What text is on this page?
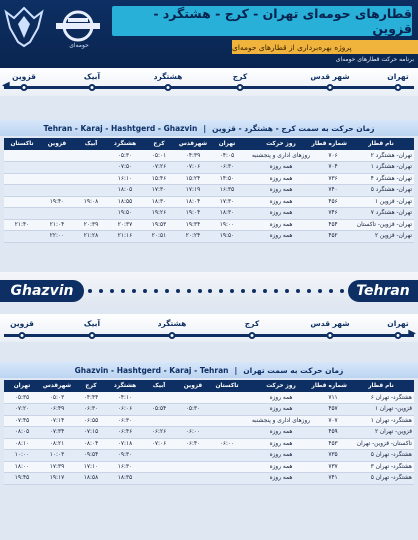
حومه‌ای
قطارهای حومه‌ای تهران - کرج - هشتگرد - قزوین
پروژه بهره‌برداری از قطارهای حومه‌ای
برنامه حرکت قطارهای حومه‌ای
◀
تهران
شهر قدس
کرج
هشتگرد
آبیک
قزوین
Tehran - Karaj - Hashtgerd - Ghazvin | زمان حرکت به سمت کرج - هشتگرد - قزوین
نام قطار	شماره قطار	روز حرکت	تهران	شهرقدس	کرج	هشتگرد	آبیک	قزوین	تاکستان
تهران- هشتگرد ۲	۷۰۶	روزهای اداری و پنجشنبه	۰۴:۰۵	۰۴:۳۹	۰۵:۰۱	۰۵:۳۰			
تهران- هشتگرد ۱	۷۰۴	همه روزه	۰۶:۳۰	۰۷:۰۶	۰۷:۲۶	۰۷:۵۰			
تهران- هشتگرد ۴	۷۳۶	همه روزه	۱۴:۵۰	۱۵:۲۴	۱۵:۴۶	۱۶:۱۰			
تهران- هشتگرد ۵	۷۴۰	همه روزه	۱۶:۳۵	۱۷:۱۹	۱۷:۳۰	۱۸:۰۵			
تهران- قزوین ۱	۴۵۶	همه روزه	۱۷:۳۰	۱۸:۰۴	۱۸:۳۰	۱۸:۵۵	۱۹:۰۸	۱۹:۴۰	
تهران- هشتگرد ۷	۷۴۶	همه روزه	۱۸:۳۰	۱۹:۰۴	۱۹:۲۶	۱۹:۵۰			
تهران- قزوین- تاکستان	۴۵۴	همه روزه	۱۹:۰۰	۱۹:۳۴	۱۹:۵۳	۲۰:۳۷	۲۰:۳۹	۲۱:۰۴	۲۱:۴۰
تهران- قزوین ۲	۴۵۲	همه روزه	۱۹:۵۰	۲۰:۲۴	۲۰:۵۱	۲۱:۱۶	۲۱:۲۸	۲۲:۰۰	
Ghazvin	Tehran
▶
تهران
شهر قدس
کرج
هشتگرد
آبیک
قزوین
Ghazvin - Hashtgerd - Karaj - Tehran | زمان حرکت به سمت تهران
نام قطار	شماره قطار	روز حرکت	تاکستان	قزوین	آبیک	هشتگرد	کرج	شهرقدس	تهران
هشتگرد- تهران ۶	۷۱۱	همه روزه				۰۴:۱۰	۰۴:۴۴	۰۵:۰۳	۰۵:۳۵
قزوین- تهران ۱	۴۵۷	همه روزه		۰۵:۳۰	۰۵:۵۴	۰۶:۰۶	۰۶:۳۰	۰۶:۴۹	۰۷:۲۰
هشتگرد- تهران ۱	۷۰۷	روزهای اداری و پنجشنبه				۰۶:۳۰	۰۶:۵۵	۰۷:۱۴	۰۷:۴۵
قزوین- تهران ۲	۴۵۹	همه روزه		۰۶:۰۰	۰۶:۲۶	۰۶:۴۶	۰۷:۱۵	۰۷:۳۴	۰۸:۰۵
تاکستان- قزوین- تهران	۴۵۳	همه روزه	۰۶:۰۰	۰۶:۴۰	۰۷:۰۶	۰۷:۱۸	۰۸:۰۴	۰۸:۲۱	۰۸:۱۰
هشتگرد- تهران ۵	۷۳۵	همه روزه				۰۹:۳۰	۰۹:۵۴	۱۰:۰۳	۱۰:۰۰
هشتگرد- تهران ۳	۷۳۷	همه روزه				۱۶:۳۰	۱۷:۱۰	۱۷:۳۹	۱۸:۰۰
هشتگرد- تهران ۵	۷۴۱	همه روزه				۱۸:۳۵	۱۸:۵۸	۱۹:۱۷	۱۹:۴۵
